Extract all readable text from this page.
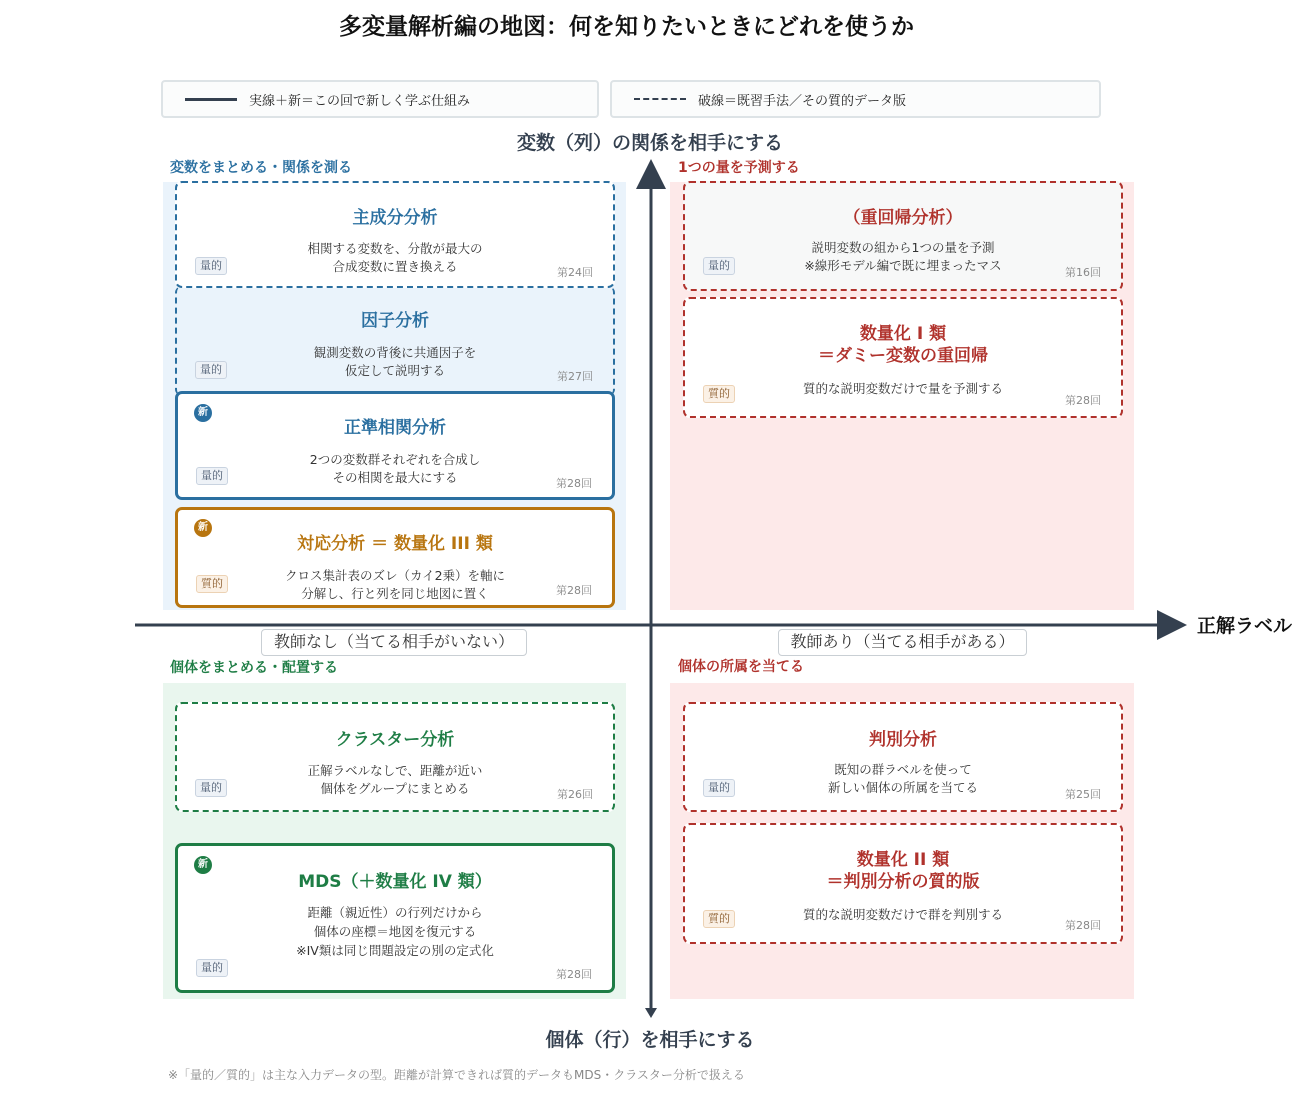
多変量解析編の地図：何を知りたいときにどれを使うか
実線＋新＝この回で新しく学ぶ仕組み	破線＝既習手法／その質的データ版
変数（列）の関係を相手にする
個体（行）を相手にする
正解ラベル
変数をまとめる・関係を測る	1つの量を予測する
個体をまとめる・配置する	個体の所属を当てる
教師なし（当てる相手がいない）	教師あり（当てる相手がある）
主成分分析
相関する変数を、分散が最大の
合成変数に置き換える
量的
第24回
因子分析
観測変数の背後に共通因子を
仮定して説明する
量的
第27回
新
正準相関分析
2つの変数群それぞれを合成し
その相関を最大にする
量的
第28回
新
対応分析 ＝ 数量化 III 類
クロス集計表のズレ（カイ2乗）を軸に
分解し、行と列を同じ地図に置く
質的
第28回
（重回帰分析）
説明変数の組から1つの量を予測
※線形モデル編で既に埋まったマス
量的
第16回
数量化 I 類
＝ダミー変数の重回帰
質的な説明変数だけで量を予測する
質的
第28回
クラスター分析
正解ラベルなしで、距離が近い
個体をグループにまとめる
量的
第26回
新
MDS（＋数量化 IV 類）
距離（親近性）の行列だけから
個体の座標＝地図を復元する
※IV類は同じ問題設定の別の定式化
量的
第28回
判別分析
既知の群ラベルを使って
新しい個体の所属を当てる
量的
第25回
数量化 II 類
＝判別分析の質的版
質的な説明変数だけで群を判別する
質的
第28回
※「量的／質的」は主な入力データの型。距離が計算できれば質的データもMDS・クラスター分析で扱える
